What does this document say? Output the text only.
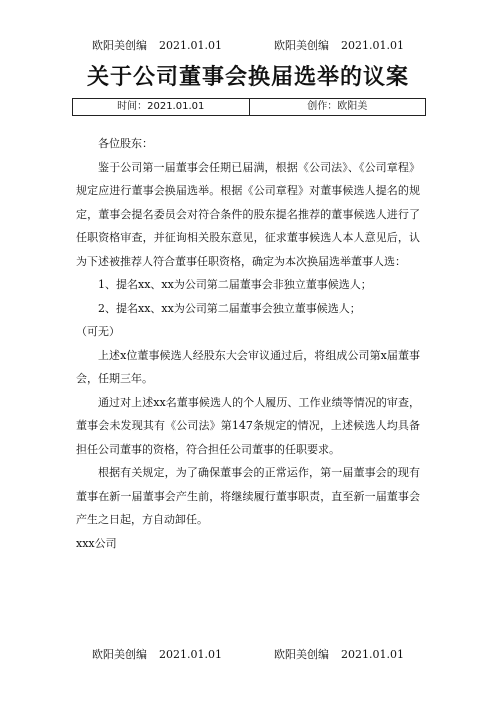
欧阳美创编 2021.01.01	欧阳美创编 2021.01.01
关于公司董事会换届选举的议案
时间：2021.01.01	创作：欧阳美

各位股东：

鉴于公司第一届董事会任期已届满，根据《公司法》、《公司章程》规定应进行董事会换届选举。根据《公司章程》对董事候选人提名的规定，董事会提名委员会对符合条件的股东提名推荐的董事候选人进行了任职资格审查，并征询相关股东意见，征求董事候选人本人意见后，认为下述被推荐人符合董事任职资格，确定为本次换届选举董事人选：

1、提名xx、xx为公司第二届董事会非独立董事候选人；

2、提名xx、xx为公司第二届董事会独立董事候选人；

（可无）

上述x位董事候选人经股东大会审议通过后，将组成公司第x届董事会，任期三年。

通过对上述xx名董事候选人的个人履历、工作业绩等情况的审查，董事会未发现其有《公司法》第147条规定的情况，上述候选人均具备担任公司董事的资格，符合担任公司董事的任职要求。

根据有关规定，为了确保董事会的正常运作，第一届董事会的现有董事在新一届董事会产生前，将继续履行董事职责，直至新一届董事会产生之日起，方自动卸任。

xxx公司

欧阳美创编 2021.01.01	欧阳美创编 2021.01.01
